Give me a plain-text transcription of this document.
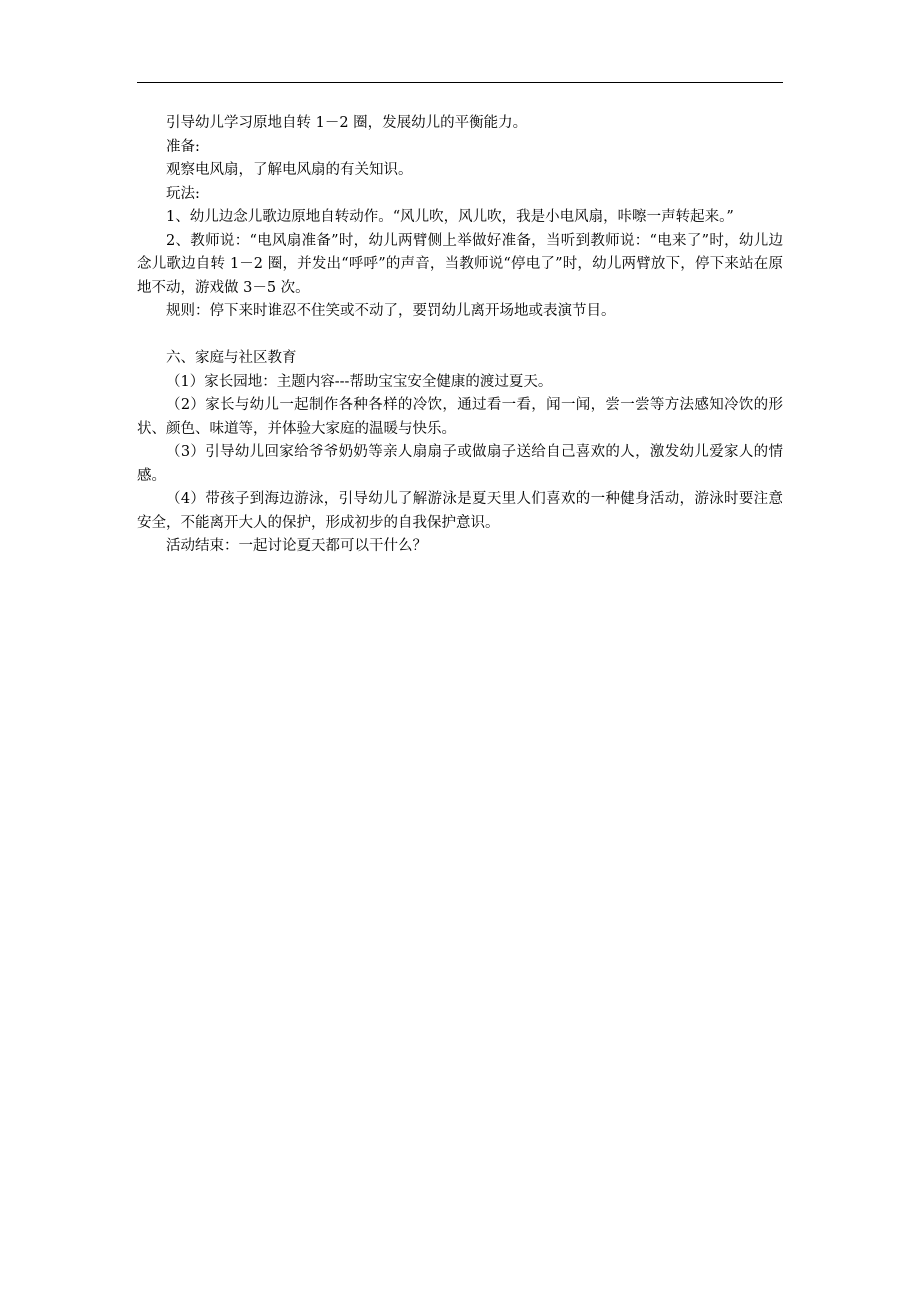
引导幼儿学习原地自转 1－2 圈，发展幼儿的平衡能力。

准备:

观察电风扇，了解电风扇的有关知识。

玩法:

1、幼儿边念儿歌边原地自转动作。“风儿吹，风儿吹，我是小电风扇，咔嚓一声转起来。”

2、教师说：“电风扇准备”时，幼儿两臂侧上举做好准备，当听到教师说：“电来了”时，幼儿边念儿歌边自转 1－2 圈，并发出“呼呼”的声音，当教师说“停电了”时，幼儿两臂放下，停下来站在原地不动，游戏做 3－5 次。

规则：停下来时谁忍不住笑或不动了，要罚幼儿离开场地或表演节目。

六、家庭与社区教育

（1）家长园地：主题内容---帮助宝宝安全健康的渡过夏天。

（2）家长与幼儿一起制作各种各样的冷饮，通过看一看，闻一闻，尝一尝等方法感知冷饮的形状、颜色、味道等，并体验大家庭的温暖与快乐。

（3）引导幼儿回家给爷爷奶奶等亲人扇扇子或做扇子送给自己喜欢的人，激发幼儿爱家人的情感。

（4）带孩子到海边游泳，引导幼儿了解游泳是夏天里人们喜欢的一种健身活动，游泳时要注意安全，不能离开大人的保护，形成初步的自我保护意识。

活动结束：一起讨论夏天都可以干什么？
